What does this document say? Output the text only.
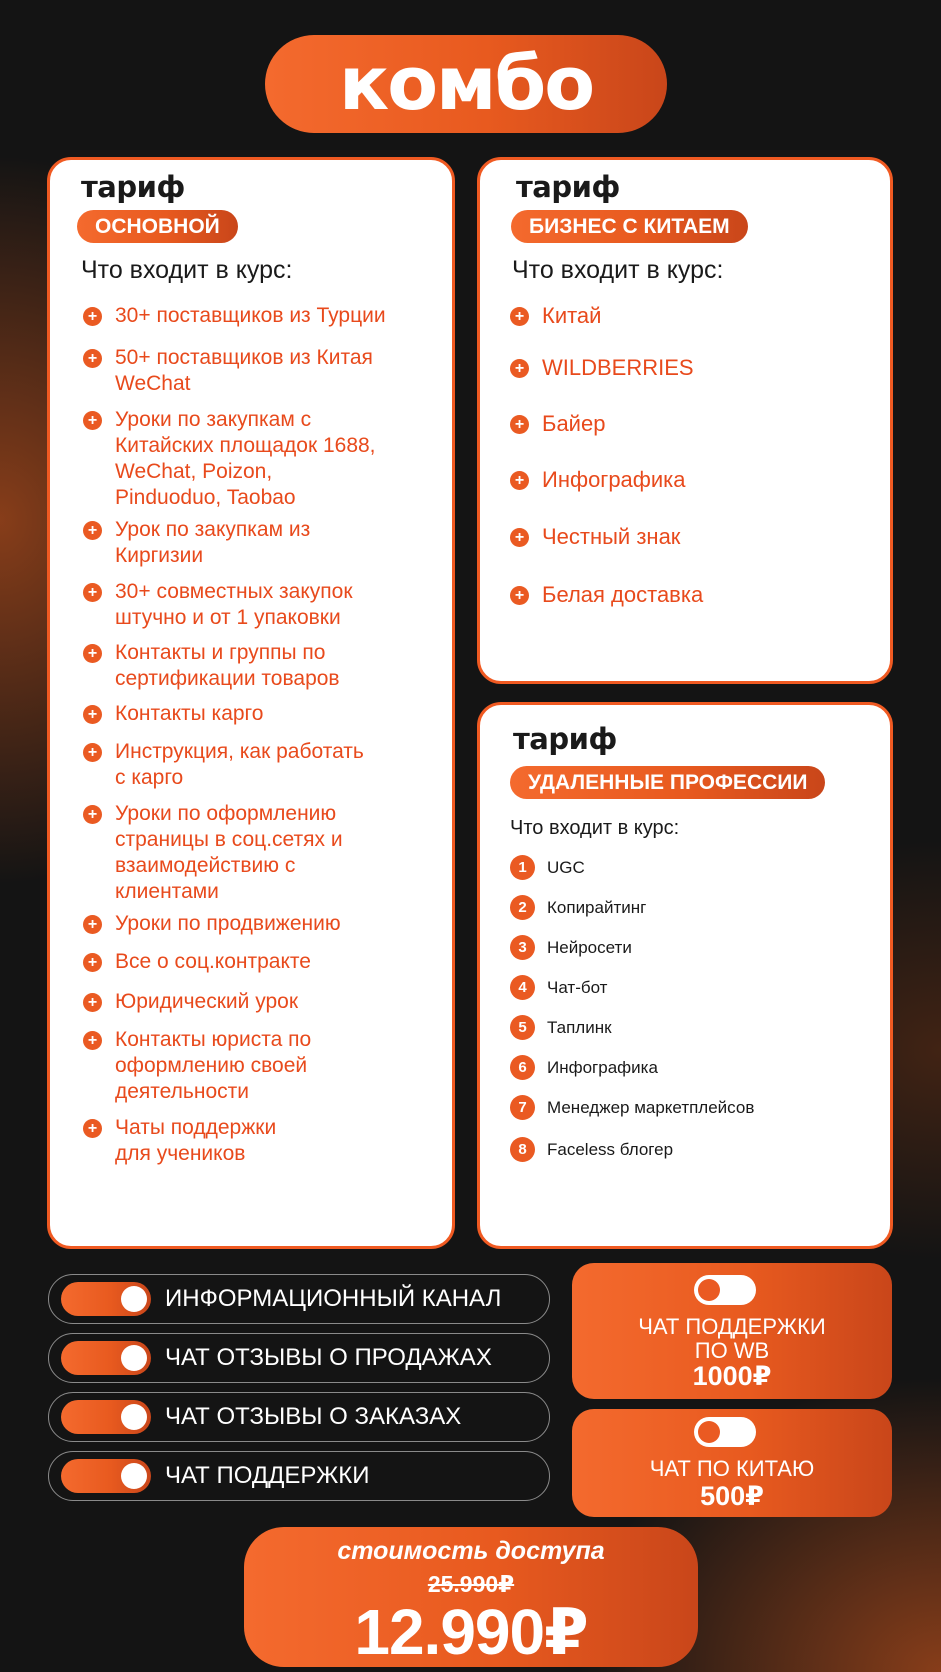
комбо
тариф
ОСНОВНОЙ
Что входит в курс:
+ 30+ поставщиков из Турции
+ 50+ поставщиков из Китая WeChat
+ Уроки по закупкам с Китайских площадок 1688, WeChat, Poizon, Pinduoduo, Taobao
+ Урок по закупкам из Киргизии
+ 30+ совместных закупок штучно и от 1 упаковки
+ Контакты и группы по сертификации товаров
+ Контакты карго
+ Инструкция, как работать с карго
+ Уроки по оформлению страницы в соц.сетях и взаимодействию с клиентами
+ Уроки по продвижению
+ Все о соц.контракте
+ Юридический урок
+ Контакты юриста по оформлению своей деятельности
+ Чаты поддержки для учеников
тариф
БИЗНЕС С КИТАЕМ
Что входит в курс:
+ Китай
+ WILDBERRIES
+ Байер
+ Инфографика
+ Честный знак
+ Белая доставка
тариф
УДАЛЕННЫЕ ПРОФЕССИИ
Что входит в курс:
1	UGC
2	Копирайтинг
3	Нейросети
4	Чат-бот
5	Таплинк
6	Инфографика
7	Менеджер маркетплейсов
8	Faceless блогер
ИНФОРМАЦИОННЫЙ КАНАЛ
ЧАТ ОТЗЫВЫ О ПРОДАЖАХ
ЧАТ ОТЗЫВЫ О ЗАКАЗАХ
ЧАТ ПОДДЕРЖКИ
ЧАТ ПОДДЕРЖКИ
ПО WB
1000₽
ЧАТ ПО КИТАЮ
500₽
стоимость доступа
25.990₽
12.990₽
